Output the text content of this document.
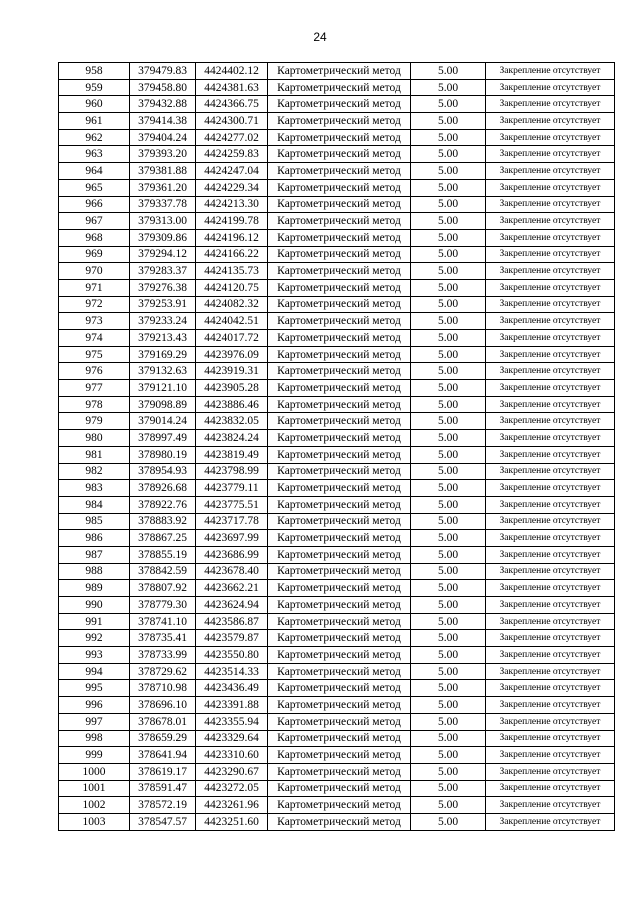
24
958	379479.83	4424402.12	Картометрический метод	5.00	Закрепление отсутствует
959	379458.80	4424381.63	Картометрический метод	5.00	Закрепление отсутствует
960	379432.88	4424366.75	Картометрический метод	5.00	Закрепление отсутствует
961	379414.38	4424300.71	Картометрический метод	5.00	Закрепление отсутствует
962	379404.24	4424277.02	Картометрический метод	5.00	Закрепление отсутствует
963	379393.20	4424259.83	Картометрический метод	5.00	Закрепление отсутствует
964	379381.88	4424247.04	Картометрический метод	5.00	Закрепление отсутствует
965	379361.20	4424229.34	Картометрический метод	5.00	Закрепление отсутствует
966	379337.78	4424213.30	Картометрический метод	5.00	Закрепление отсутствует
967	379313.00	4424199.78	Картометрический метод	5.00	Закрепление отсутствует
968	379309.86	4424196.12	Картометрический метод	5.00	Закрепление отсутствует
969	379294.12	4424166.22	Картометрический метод	5.00	Закрепление отсутствует
970	379283.37	4424135.73	Картометрический метод	5.00	Закрепление отсутствует
971	379276.38	4424120.75	Картометрический метод	5.00	Закрепление отсутствует
972	379253.91	4424082.32	Картометрический метод	5.00	Закрепление отсутствует
973	379233.24	4424042.51	Картометрический метод	5.00	Закрепление отсутствует
974	379213.43	4424017.72	Картометрический метод	5.00	Закрепление отсутствует
975	379169.29	4423976.09	Картометрический метод	5.00	Закрепление отсутствует
976	379132.63	4423919.31	Картометрический метод	5.00	Закрепление отсутствует
977	379121.10	4423905.28	Картометрический метод	5.00	Закрепление отсутствует
978	379098.89	4423886.46	Картометрический метод	5.00	Закрепление отсутствует
979	379014.24	4423832.05	Картометрический метод	5.00	Закрепление отсутствует
980	378997.49	4423824.24	Картометрический метод	5.00	Закрепление отсутствует
981	378980.19	4423819.49	Картометрический метод	5.00	Закрепление отсутствует
982	378954.93	4423798.99	Картометрический метод	5.00	Закрепление отсутствует
983	378926.68	4423779.11	Картометрический метод	5.00	Закрепление отсутствует
984	378922.76	4423775.51	Картометрический метод	5.00	Закрепление отсутствует
985	378883.92	4423717.78	Картометрический метод	5.00	Закрепление отсутствует
986	378867.25	4423697.99	Картометрический метод	5.00	Закрепление отсутствует
987	378855.19	4423686.99	Картометрический метод	5.00	Закрепление отсутствует
988	378842.59	4423678.40	Картометрический метод	5.00	Закрепление отсутствует
989	378807.92	4423662.21	Картометрический метод	5.00	Закрепление отсутствует
990	378779.30	4423624.94	Картометрический метод	5.00	Закрепление отсутствует
991	378741.10	4423586.87	Картометрический метод	5.00	Закрепление отсутствует
992	378735.41	4423579.87	Картометрический метод	5.00	Закрепление отсутствует
993	378733.99	4423550.80	Картометрический метод	5.00	Закрепление отсутствует
994	378729.62	4423514.33	Картометрический метод	5.00	Закрепление отсутствует
995	378710.98	4423436.49	Картометрический метод	5.00	Закрепление отсутствует
996	378696.10	4423391.88	Картометрический метод	5.00	Закрепление отсутствует
997	378678.01	4423355.94	Картометрический метод	5.00	Закрепление отсутствует
998	378659.29	4423329.64	Картометрический метод	5.00	Закрепление отсутствует
999	378641.94	4423310.60	Картометрический метод	5.00	Закрепление отсутствует
1000	378619.17	4423290.67	Картометрический метод	5.00	Закрепление отсутствует
1001	378591.47	4423272.05	Картометрический метод	5.00	Закрепление отсутствует
1002	378572.19	4423261.96	Картометрический метод	5.00	Закрепление отсутствует
1003	378547.57	4423251.60	Картометрический метод	5.00	Закрепление отсутствует
